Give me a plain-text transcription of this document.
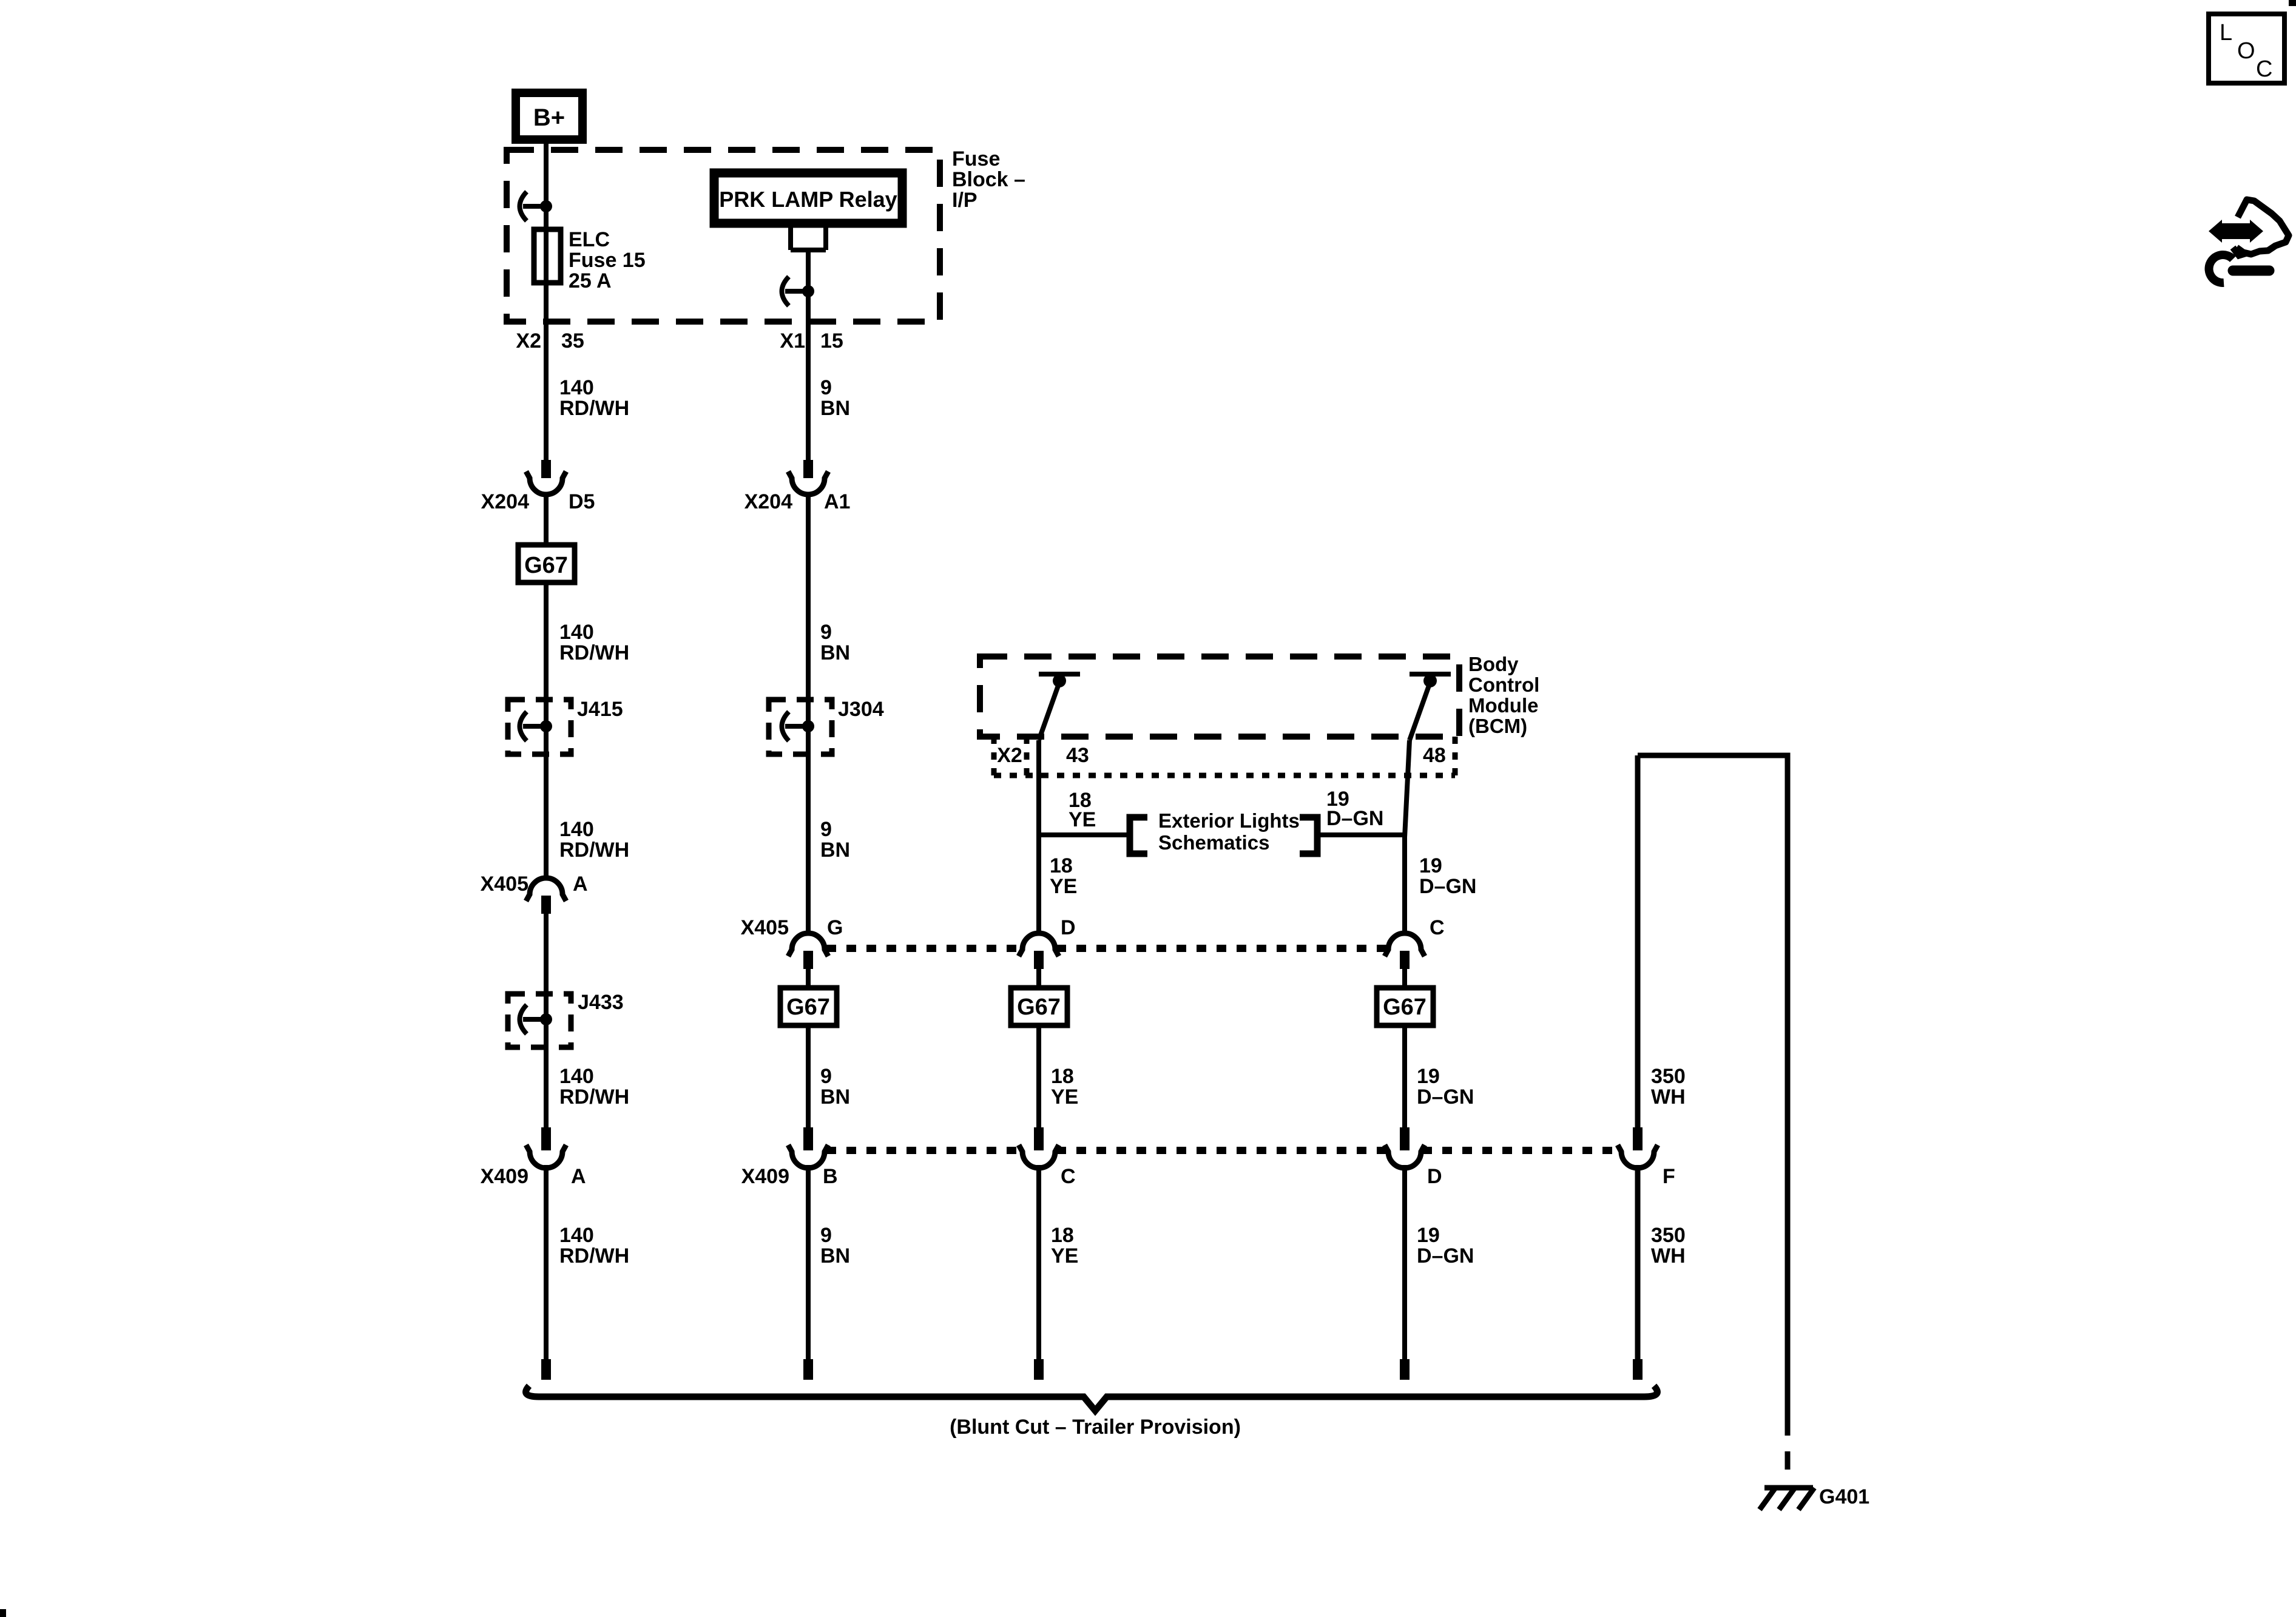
B+
Fuse
Block –
I/P
ELC
Fuse 15
25 A
PRK LAMP Relay
X2 35	X1 15
140
RD/WH
140
RD/WH
140
RD/WH
140
RD/WH
140
RD/WH
9
BN
9
BN
9
BN
9
BN
9
BN
X204 D5	X204 A1
G67
J415	J304
X405 A
J433
Body
Control
Module
(BCM)
X2 43	48
18
YE
18
YE
18
YE
18
YE
19
D–GN
19
D–GN
19
D–GN
19
D–GN
Exterior Lights
Schematics
X405 G	D	C
G67	G67	G67
350
WH
350
WH
X409 A	X409 B	C	D	F
(Blunt Cut – Trailer Provision)
G401
L
O
C
